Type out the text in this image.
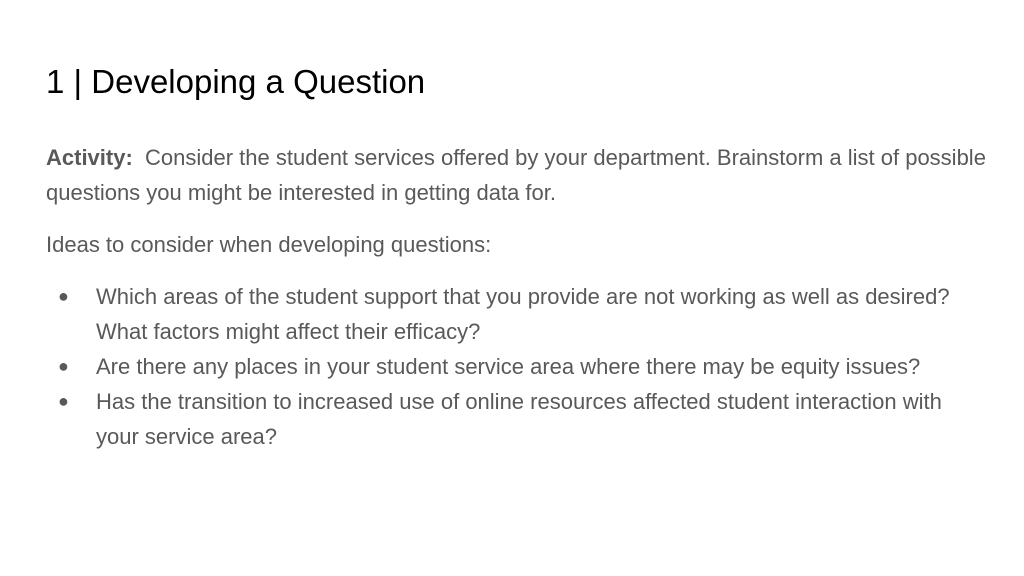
1 | Developing a Question

Activity: Consider the student services offered by your department. Brainstorm a list of possible questions you might be interested in getting data for.

Ideas to consider when developing questions:

● Which areas of the student support that you provide are not working as well as desired? What factors might affect their efficacy?
● Are there any places in your student service area where there may be equity issues?
● Has the transition to increased use of online resources affected student interaction with your service area?
